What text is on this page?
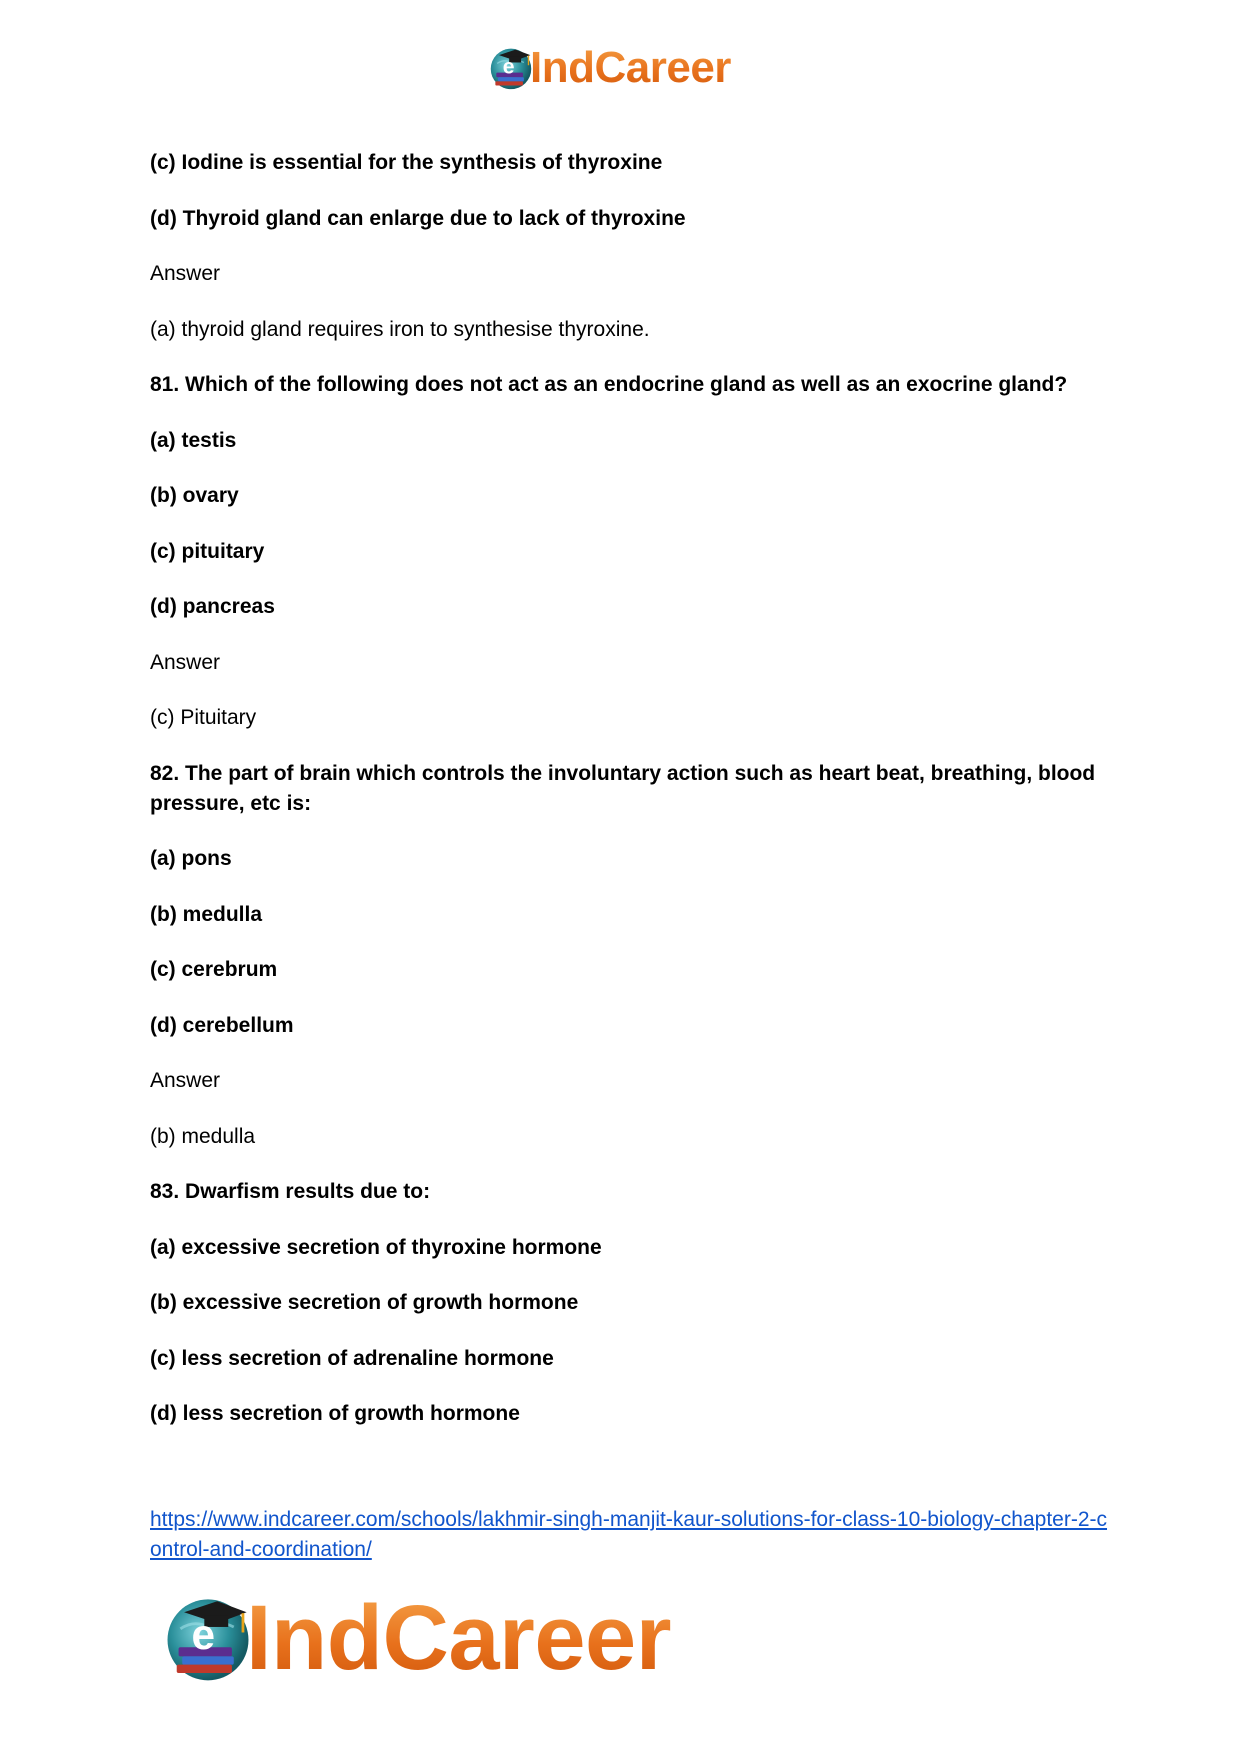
e IndCareer

(c) Iodine is essential for the synthesis of thyroxine

(d) Thyroid gland can enlarge due to lack of thyroxine

Answer

(a) thyroid gland requires iron to synthesise thyroxine.

81. Which of the following does not act as an endocrine gland as well as an exocrine gland?

(a) testis

(b) ovary

(c) pituitary

(d) pancreas

Answer

(c) Pituitary

82. The part of brain which controls the involuntary action such as heart beat, breathing, blood pressure, etc is:

(a) pons

(b) medulla

(c) cerebrum

(d) cerebellum

Answer

(b) medulla

83. Dwarfism results due to:

(a) excessive secretion of thyroxine hormone

(b) excessive secretion of growth hormone

(c) less secretion of adrenaline hormone

(d) less secretion of growth hormone

https://www.indcareer.com/schools/lakhmir-singh-manjit-kaur-solutions-for-class-10-biology-chapter-2-control-and-coordination/
e IndCareer
